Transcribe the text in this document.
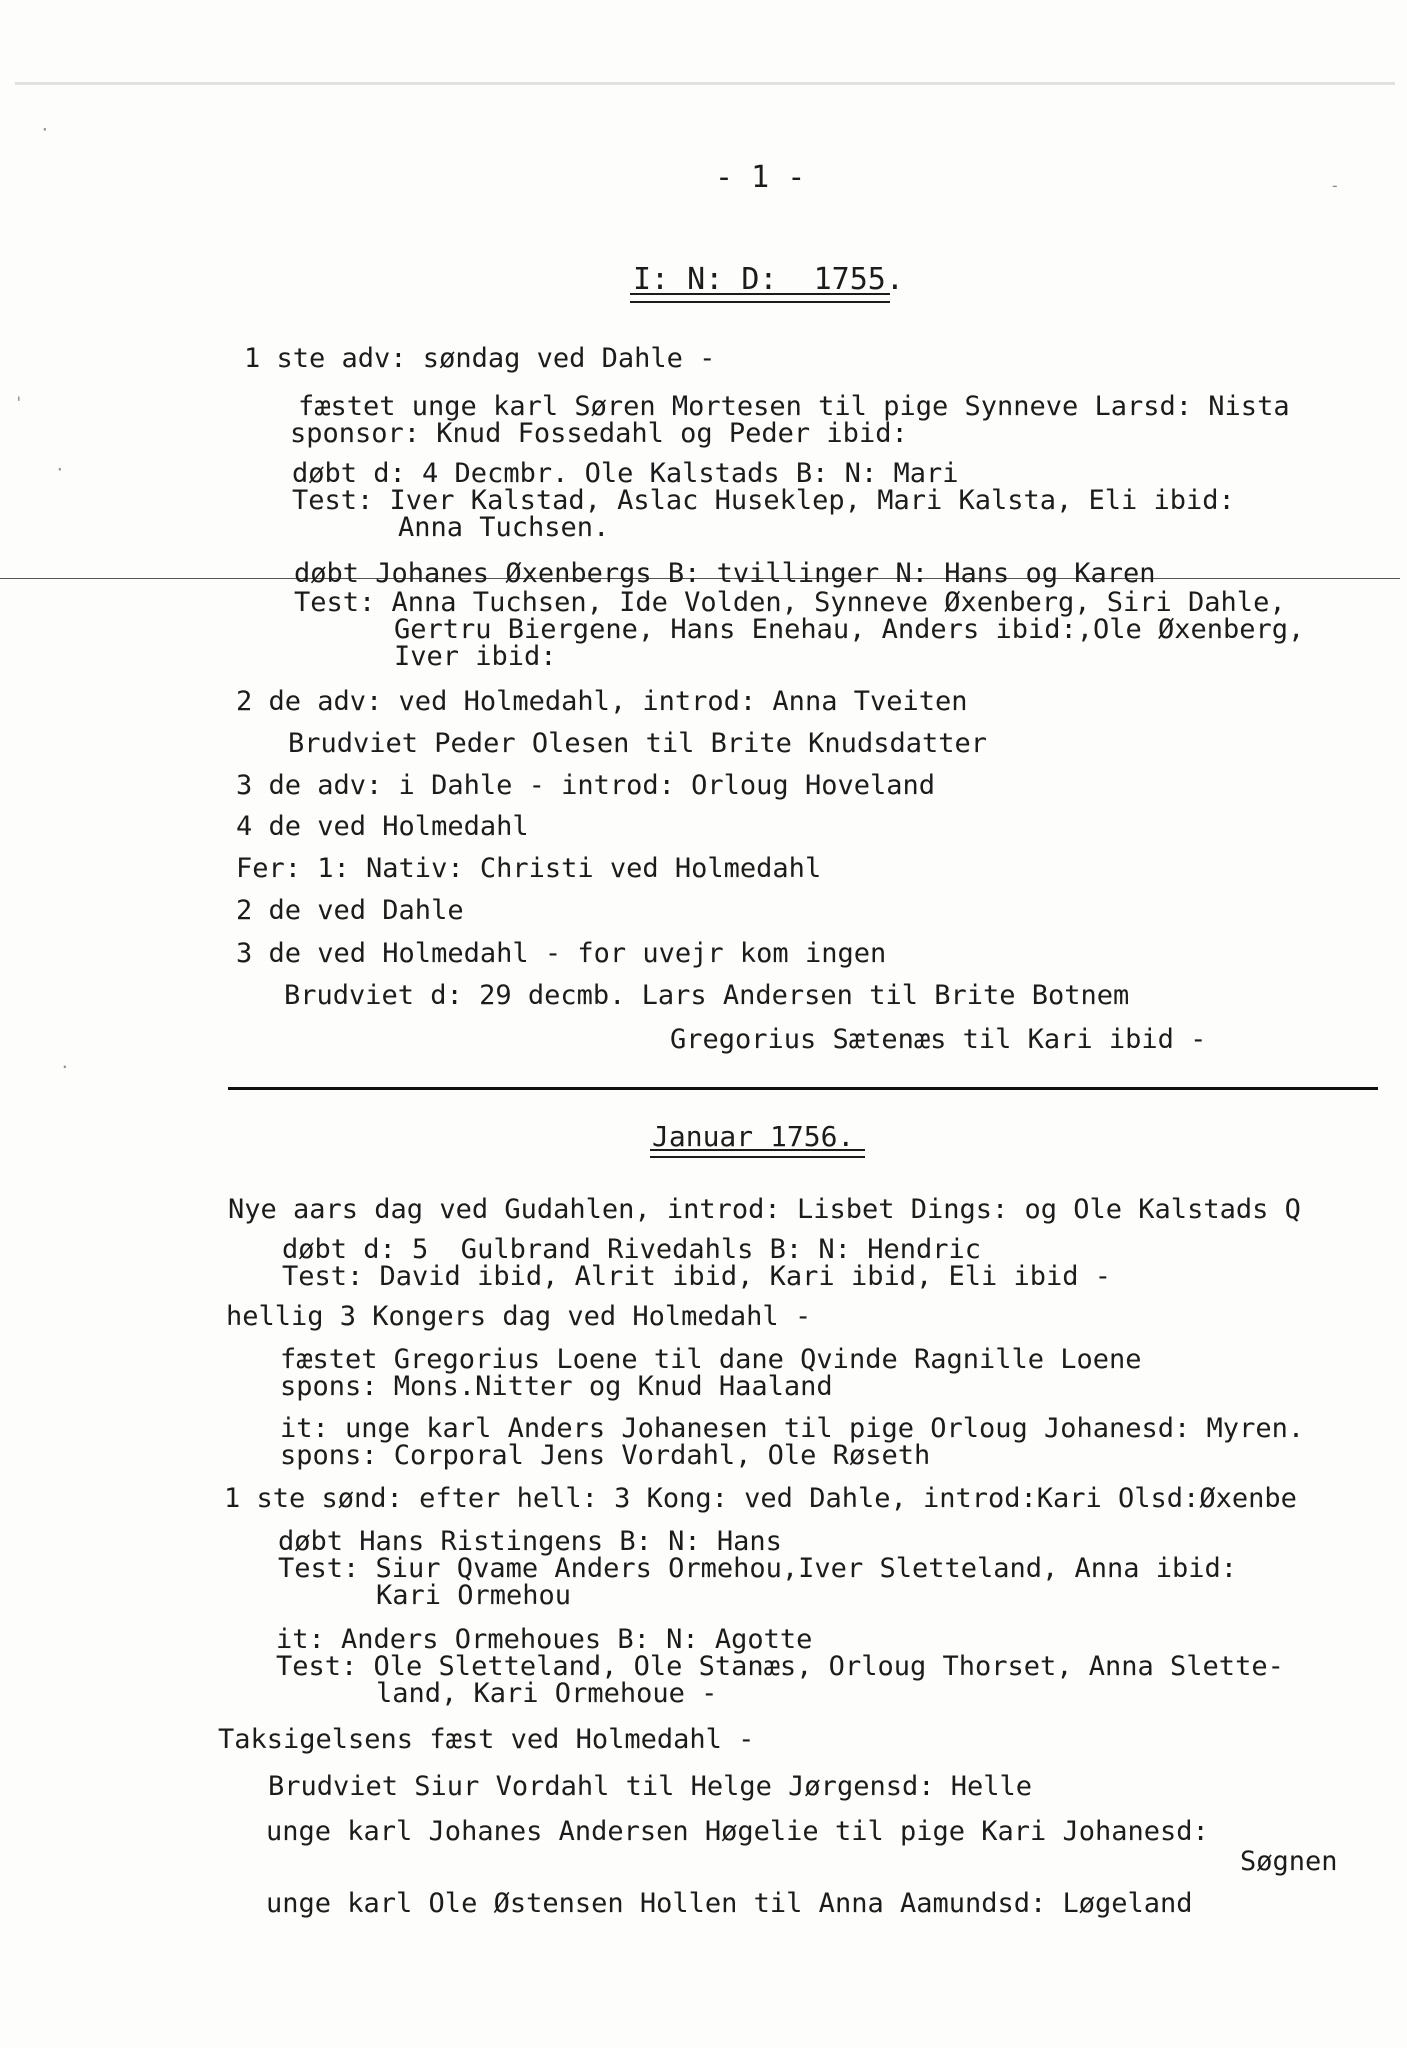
·
'
·
.
-
- 1 -
I: N: D:  1755.
1 ste adv: søndag ved Dahle -
fæstet unge karl Søren Mortesen til pige Synneve Larsd: Nista
sponsor: Knud Fossedahl og Peder ibid:
døbt d: 4 Decmbr. Ole Kalstads B: N: Mari
Test: Iver Kalstad, Aslac Huseklep, Mari Kalsta, Eli ibid:
Anna Tuchsen.
døbt Johanes Øxenbergs B: tvillinger N: Hans og Karen
Test: Anna Tuchsen, Ide Volden, Synneve Øxenberg, Siri Dahle,
Gertru Biergene, Hans Enehau, Anders ibid:,Ole Øxenberg,
Iver ibid:
2 de adv: ved Holmedahl, introd: Anna Tveiten
Brudviet Peder Olesen til Brite Knudsdatter
3 de adv: i Dahle - introd: Orloug Hoveland
4 de ved Holmedahl
Fer: 1: Nativ: Christi ved Holmedahl
2 de ved Dahle
3 de ved Holmedahl - for uvejr kom ingen
Brudviet d: 29 decmb. Lars Andersen til Brite Botnem
Gregorius Sætenæs til Kari ibid -
Januar 1756.
Nye aars dag ved Gudahlen, introd: Lisbet Dings: og Ole Kalstads Q
døbt d: 5  Gulbrand Rivedahls B: N: Hendric
Test: David ibid, Alrit ibid, Kari ibid, Eli ibid -
hellig 3 Kongers dag ved Holmedahl -
fæstet Gregorius Loene til dane Qvinde Ragnille Loene
spons: Mons.Nitter og Knud Haaland
it: unge karl Anders Johanesen til pige Orloug Johanesd: Myren.
spons: Corporal Jens Vordahl, Ole Røseth
1 ste sønd: efter hell: 3 Kong: ved Dahle, introd:Kari Olsd:Øxenbe
døbt Hans Ristingens B: N: Hans
Test: Siur Qvame Anders Ormehou,Iver Sletteland, Anna ibid:
Kari Ormehou
it: Anders Ormehoues B: N: Agotte
Test: Ole Sletteland, Ole Stanæs, Orloug Thorset, Anna Slette-
land, Kari Ormehoue -
Taksigelsens fæst ved Holmedahl -
Brudviet Siur Vordahl til Helge Jørgensd: Helle
unge karl Johanes Andersen Høgelie til pige Kari Johanesd:
Søgnen
unge karl Ole Østensen Hollen til Anna Aamundsd: Løgeland
